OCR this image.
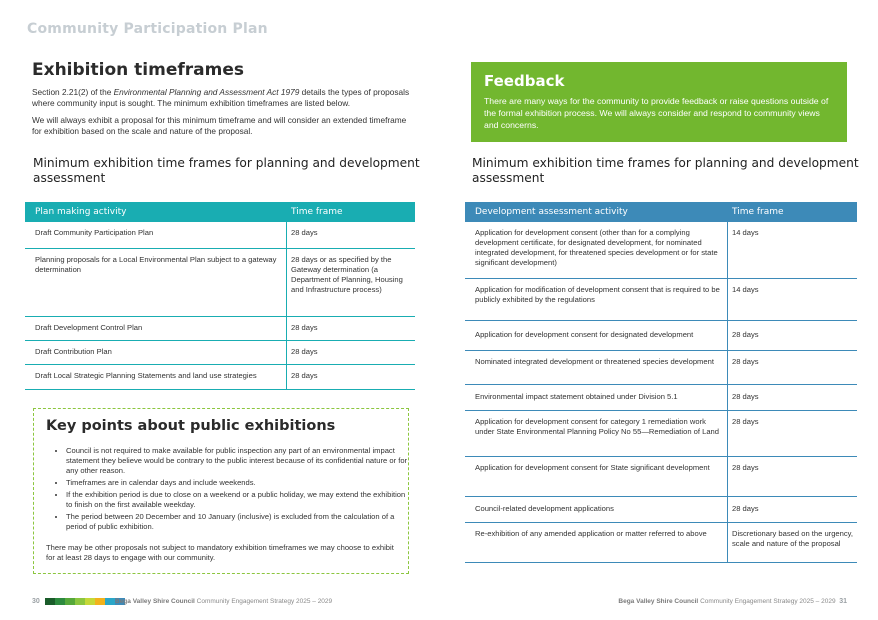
Community Participation Plan
Exhibition timeframes
Section 2.21(2) of the Environmental Planning and Assessment Act 1979 details the types of proposals where community input is sought. The minimum exhibition timeframes are listed below.
We will always exhibit a proposal for this minimum timeframe and will consider an extended timeframe for exhibition based on the scale and nature of the proposal.
Minimum exhibition time frames for planning and development assessment
Plan making activity	Time frame
Draft Community Participation Plan	28 days
Planning proposals for a Local Environmental Plan subject to a gateway determination	28 days or as specified by the Gateway determination (a Department of Planning, Housing and Infrastructure process)
Draft Development Control Plan	28 days
Draft Contribution Plan	28 days
Draft Local Strategic Planning Statements and land use strategies	28 days
Key points about public exhibitions
• Council is not required to make available for public inspection any part of an environmental impact statement they believe would be contrary to the public interest because of its confidential nature or for any other reason.
• Timeframes are in calendar days and include weekends.
• If the exhibition period is due to close on a weekend or a public holiday, we may extend the exhibition to finish on the first available weekday.
• The period between 20 December and 10 January (inclusive) is excluded from the calculation of a period of public exhibition.
There may be other proposals not subject to mandatory exhibition timeframes we may choose to exhibit for at least 28 days to engage with our community.
Feedback
There are many ways for the community to provide feedback or raise questions outside of the formal exhibition process. We will always consider and respond to community views and concerns.
Minimum exhibition time frames for planning and development assessment
Development assessment activity	Time frame
Application for development consent (other than for a complying development certificate, for designated development, for nominated integrated development, for threatened species development or for state significant development)	14 days
Application for modification of development consent that is required to be publicly exhibited by the regulations	14 days
Application for development consent for designated development	28 days
Nominated integrated development or threatened species development	28 days
Environmental impact statement obtained under Division 5.1	28 days
Application for development consent for category 1 remediation work under State Environmental Planning Policy No 55—Remediation of Land	28 days
Application for development consent for State significant development	28 days
Council-related development applications	28 days
Re-exhibition of any amended application or matter referred to above	Discretionary based on the urgency, scale and nature of the proposal
30	Bega Valley Shire Council Community Engagement Strategy 2025 – 2029	Bega Valley Shire Council Community Engagement Strategy 2025 – 2029 31
